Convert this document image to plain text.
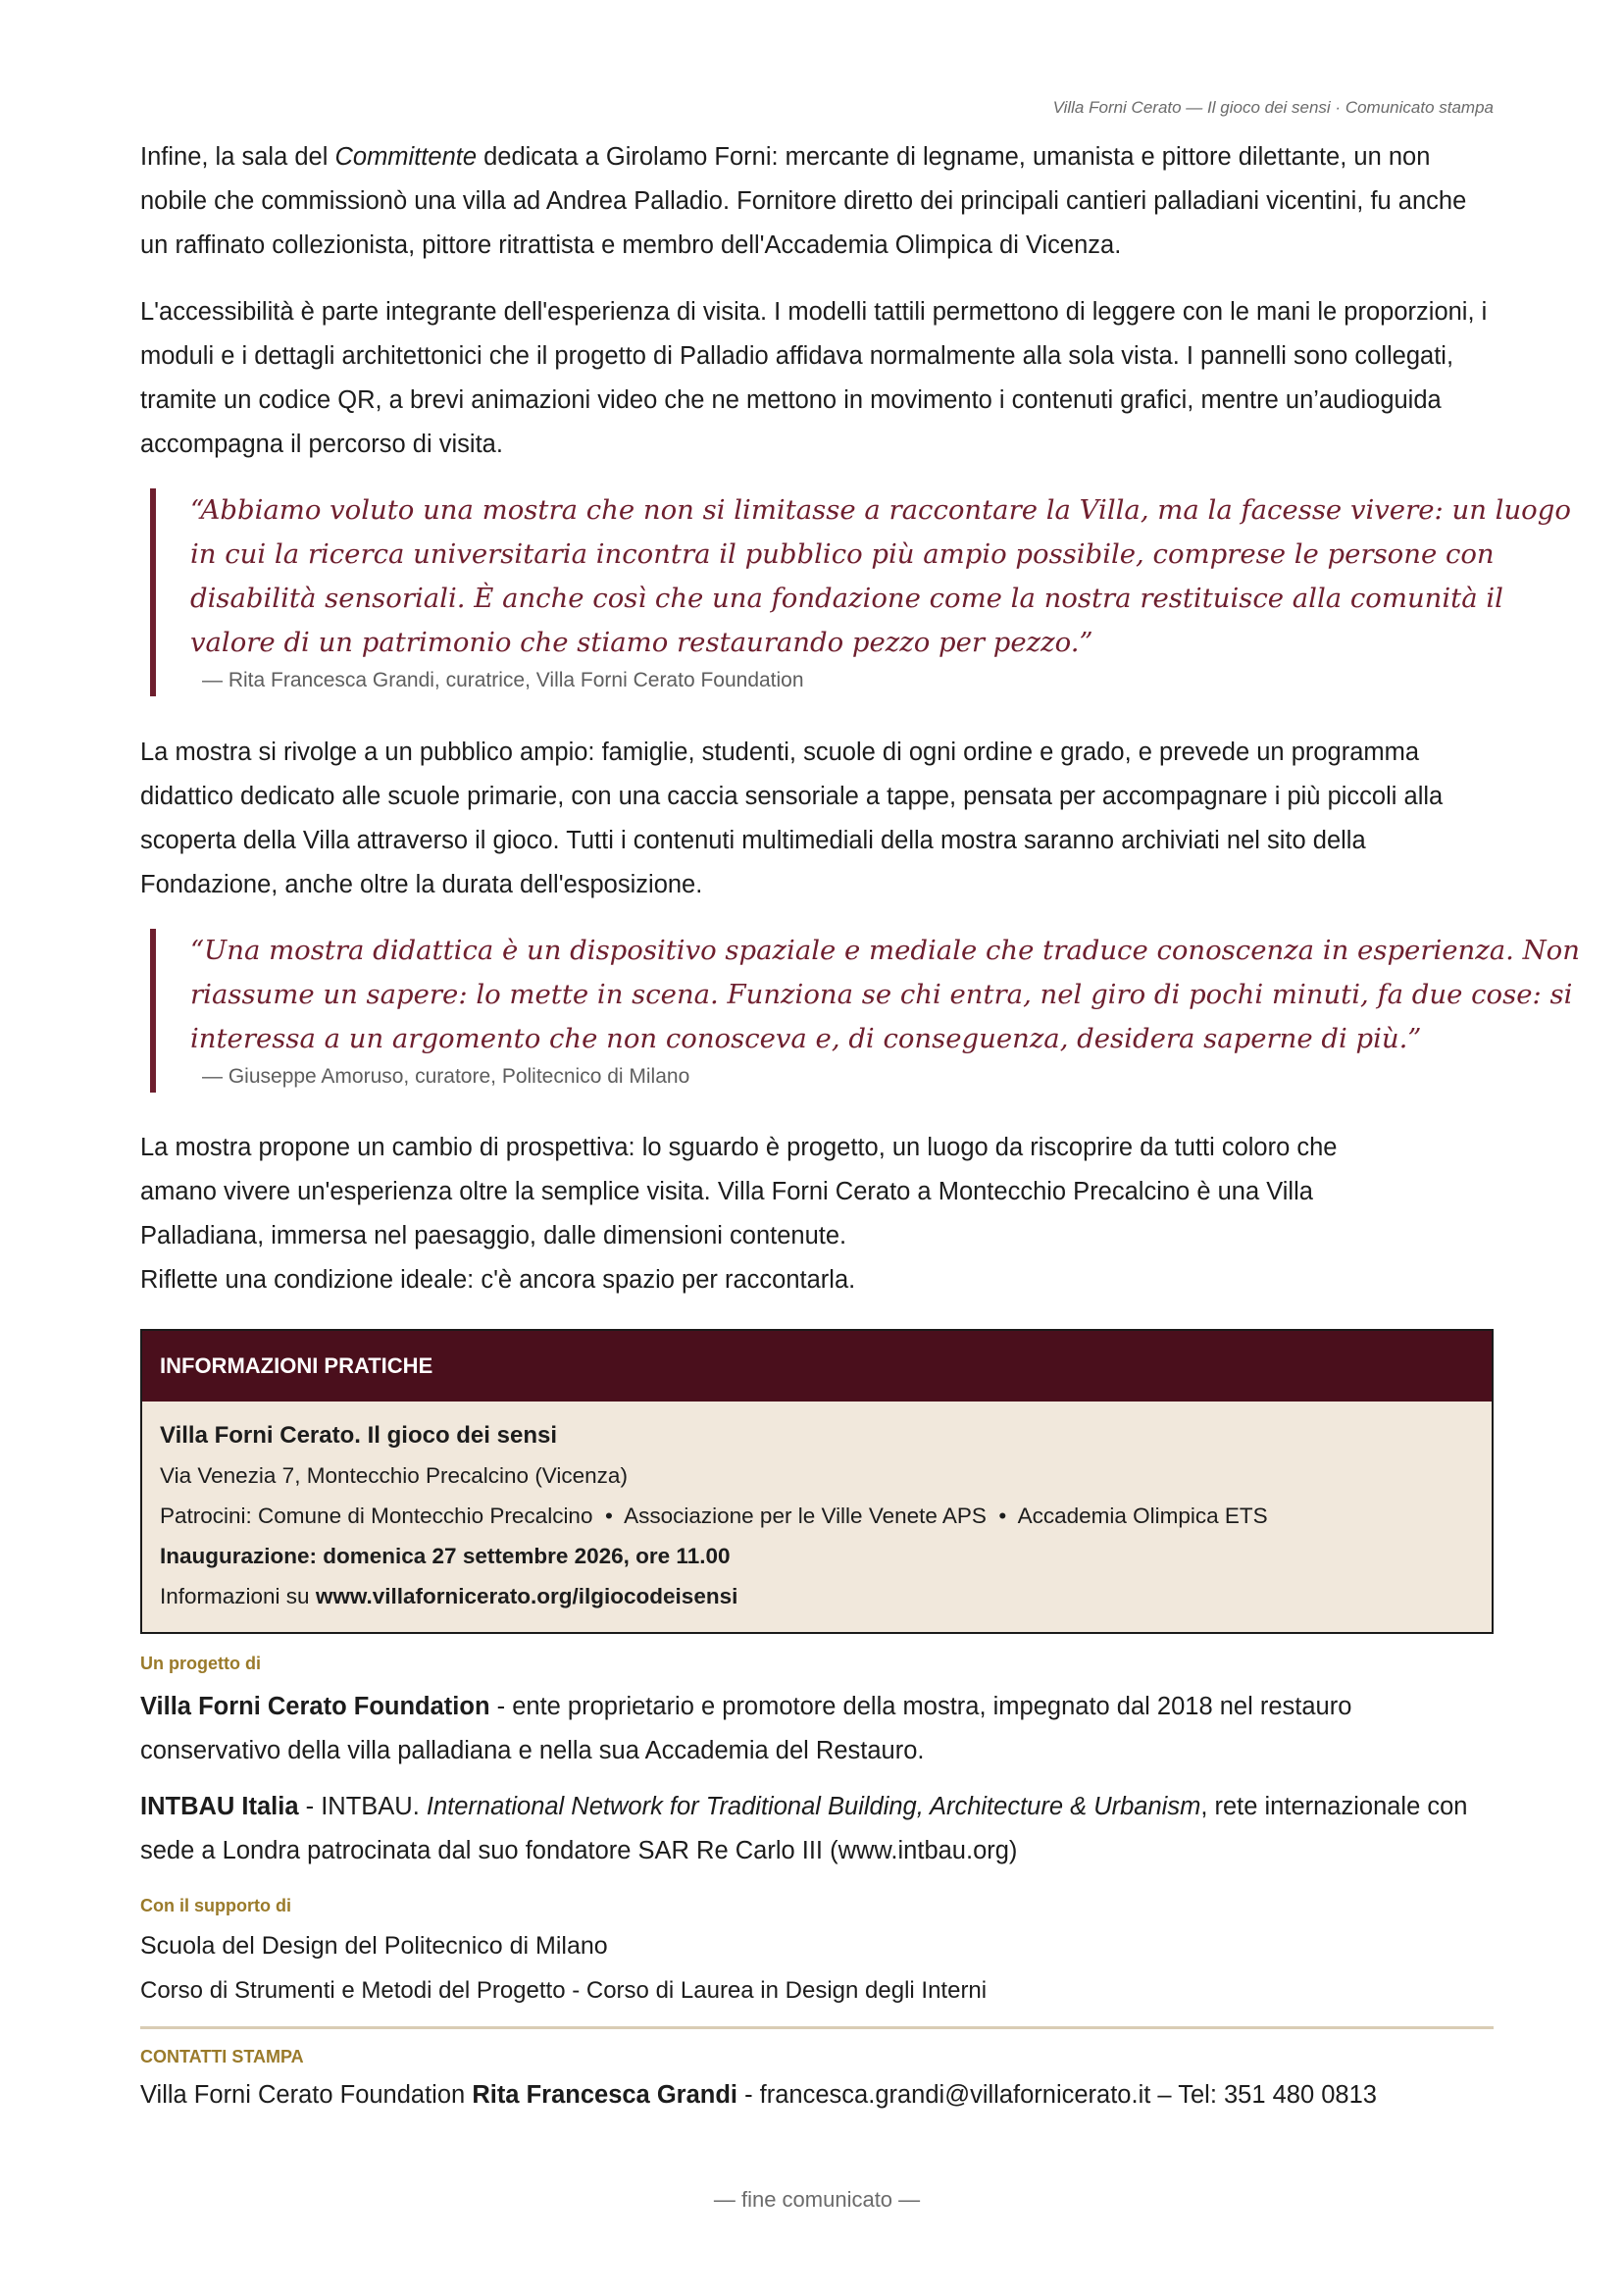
Villa Forni Cerato — Il gioco dei sensi · Comunicato stampa

Infine, la sala del Committente dedicata a Girolamo Forni: mercante di legname, umanista e pittore dilettante, un non nobile che commissionò una villa ad Andrea Palladio. Fornitore diretto dei principali cantieri palladiani vicentini, fu anche un raffinato collezionista, pittore ritrattista e membro dell'Accademia Olimpica di Vicenza.

L'accessibilità è parte integrante dell'esperienza di visita. I modelli tattili permettono di leggere con le mani le proporzioni, i moduli e i dettagli architettonici che il progetto di Palladio affidava normalmente alla sola vista. I pannelli sono collegati, tramite un codice QR, a brevi animazioni video che ne mettono in movimento i contenuti grafici, mentre un’audioguida accompagna il percorso di visita.

“Abbiamo voluto una mostra che non si limitasse a raccontare la Villa, ma la facesse vivere: un luogo
in cui la ricerca universitaria incontra il pubblico più ampio possibile, comprese le persone con
disabilità sensoriali. È anche così che una fondazione come la nostra restituisce alla comunità il
valore di un patrimonio che stiamo restaurando pezzo per pezzo.”

— Rita Francesca Grandi, curatrice, Villa Forni Cerato Foundation

La mostra si rivolge a un pubblico ampio: famiglie, studenti, scuole di ogni ordine e grado, e prevede un programma didattico dedicato alle scuole primarie, con una caccia sensoriale a tappe, pensata per accompagnare i più piccoli alla scoperta della Villa attraverso il gioco. Tutti i contenuti multimediali della mostra saranno archiviati nel sito della Fondazione, anche oltre la durata dell'esposizione.

“Una mostra didattica è un dispositivo spaziale e mediale che traduce conoscenza in esperienza. Non
riassume un sapere: lo mette in scena. Funziona se chi entra, nel giro di pochi minuti, fa due cose: si
interessa a un argomento che non conosceva e, di conseguenza, desidera saperne di più.”

— Giuseppe Amoruso, curatore, Politecnico di Milano

La mostra propone un cambio di prospettiva: lo sguardo è progetto, un luogo da riscoprire da tutti coloro che
amano vivere un'esperienza oltre la semplice visita. Villa Forni Cerato a Montecchio Precalcino è una Villa
Palladiana, immersa nel paesaggio, dalle dimensioni contenute.
Riflette una condizione ideale: c'è ancora spazio per raccontarla.

INFORMAZIONI PRATICHE
Villa Forni Cerato. Il gioco dei sensi
Via Venezia 7, Montecchio Precalcino (Vicenza)
Patrocini: Comune di Montecchio Precalcino  •  Associazione per le Ville Venete APS  •  Accademia Olimpica ETS
Inaugurazione: domenica 27 settembre 2026, ore 11.00
Informazioni su www.villafornicerato.org/ilgiocodeisensi
Un progetto di

Villa Forni Cerato Foundation - ente proprietario e promotore della mostra, impegnato dal 2018 nel restauro conservativo della villa palladiana e nella sua Accademia del Restauro.

INTBAU Italia - INTBAU. International Network for Traditional Building, Architecture & Urbanism, rete internazionale con sede a Londra patrocinata dal suo fondatore SAR Re Carlo III (www.intbau.org)

Con il supporto di

Scuola del Design del Politecnico di Milano
Corso di Strumenti e Metodi del Progetto - Corso di Laurea in Design degli Interni

CONTATTI STAMPA

Villa Forni Cerato Foundation Rita Francesca Grandi - francesca.grandi@villafornicerato.it – Tel: 351 480 0813

— fine comunicato —
